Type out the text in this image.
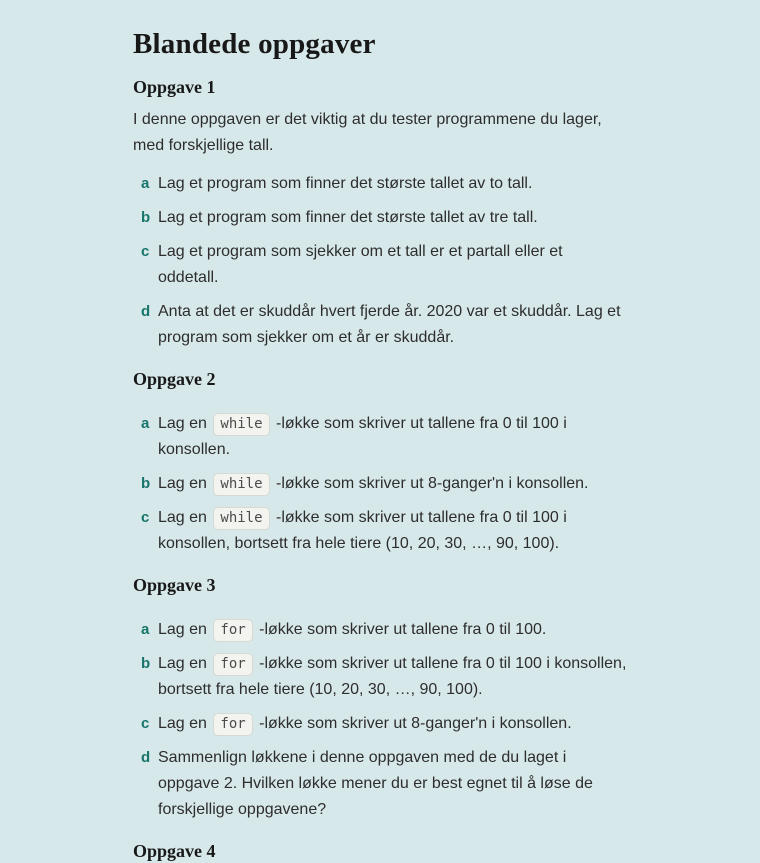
Blandede oppgaver
Oppgave 1

I denne oppgaven er det viktig at du tester programmene du lager,
med forskjellige tall.

a Lag et program som finner det største tallet av to tall.
b Lag et program som finner det største tallet av tre tall.
c Lag et program som sjekker om et tall er et partall eller et
oddetall.
d Anta at det er skuddår hvert fjerde år. 2020 var et skuddår. Lag et
program som sjekker om et år er skuddår.
Oppgave 2
a Lag en while -løkke som skriver ut tallene fra 0 til 100 i
konsollen.
b Lag en while -løkke som skriver ut 8-ganger'n i konsollen.
c Lag en while -løkke som skriver ut tallene fra 0 til 100 i
konsollen, bortsett fra hele tiere (10, 20, 30, …, 90, 100).
Oppgave 3
a Lag en for -løkke som skriver ut tallene fra 0 til 100.
b Lag en for -løkke som skriver ut tallene fra 0 til 100 i konsollen,
bortsett fra hele tiere (10, 20, 30, …, 90, 100).
c Lag en for -løkke som skriver ut 8-ganger'n i konsollen.
d Sammenlign løkkene i denne oppgaven med de du laget i
oppgave 2. Hvilken løkke mener du er best egnet til å løse de
forskjellige oppgavene?
Oppgave 4
